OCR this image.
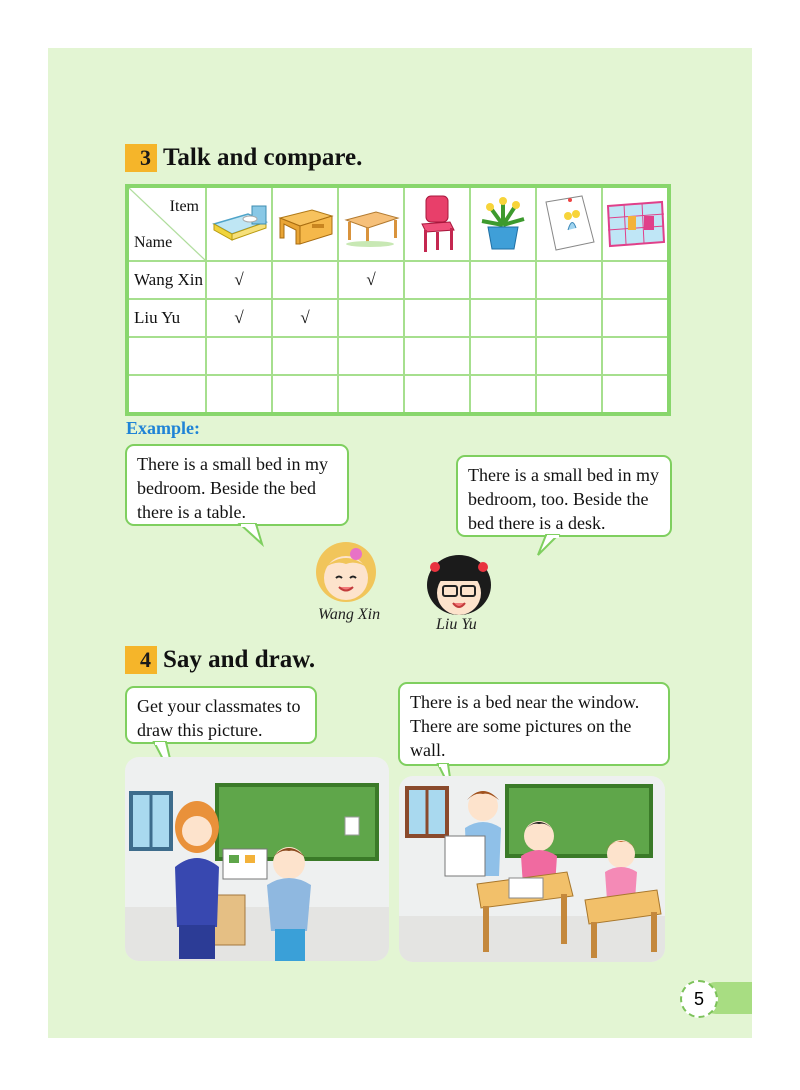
3 Talk and compare.
Item
Name

Wang Xin	√		√				
Liu Yu	√	√					

Example:
There is a small bed in my bedroom. Beside the bed there is a table.
There is a small bed in my bedroom, too. Beside the bed there is a desk.
Wang Xin
Liu Yu
4 Say and draw.
Get your classmates to draw this picture.
There is a bed near the window. There are some pictures on the wall.
5
